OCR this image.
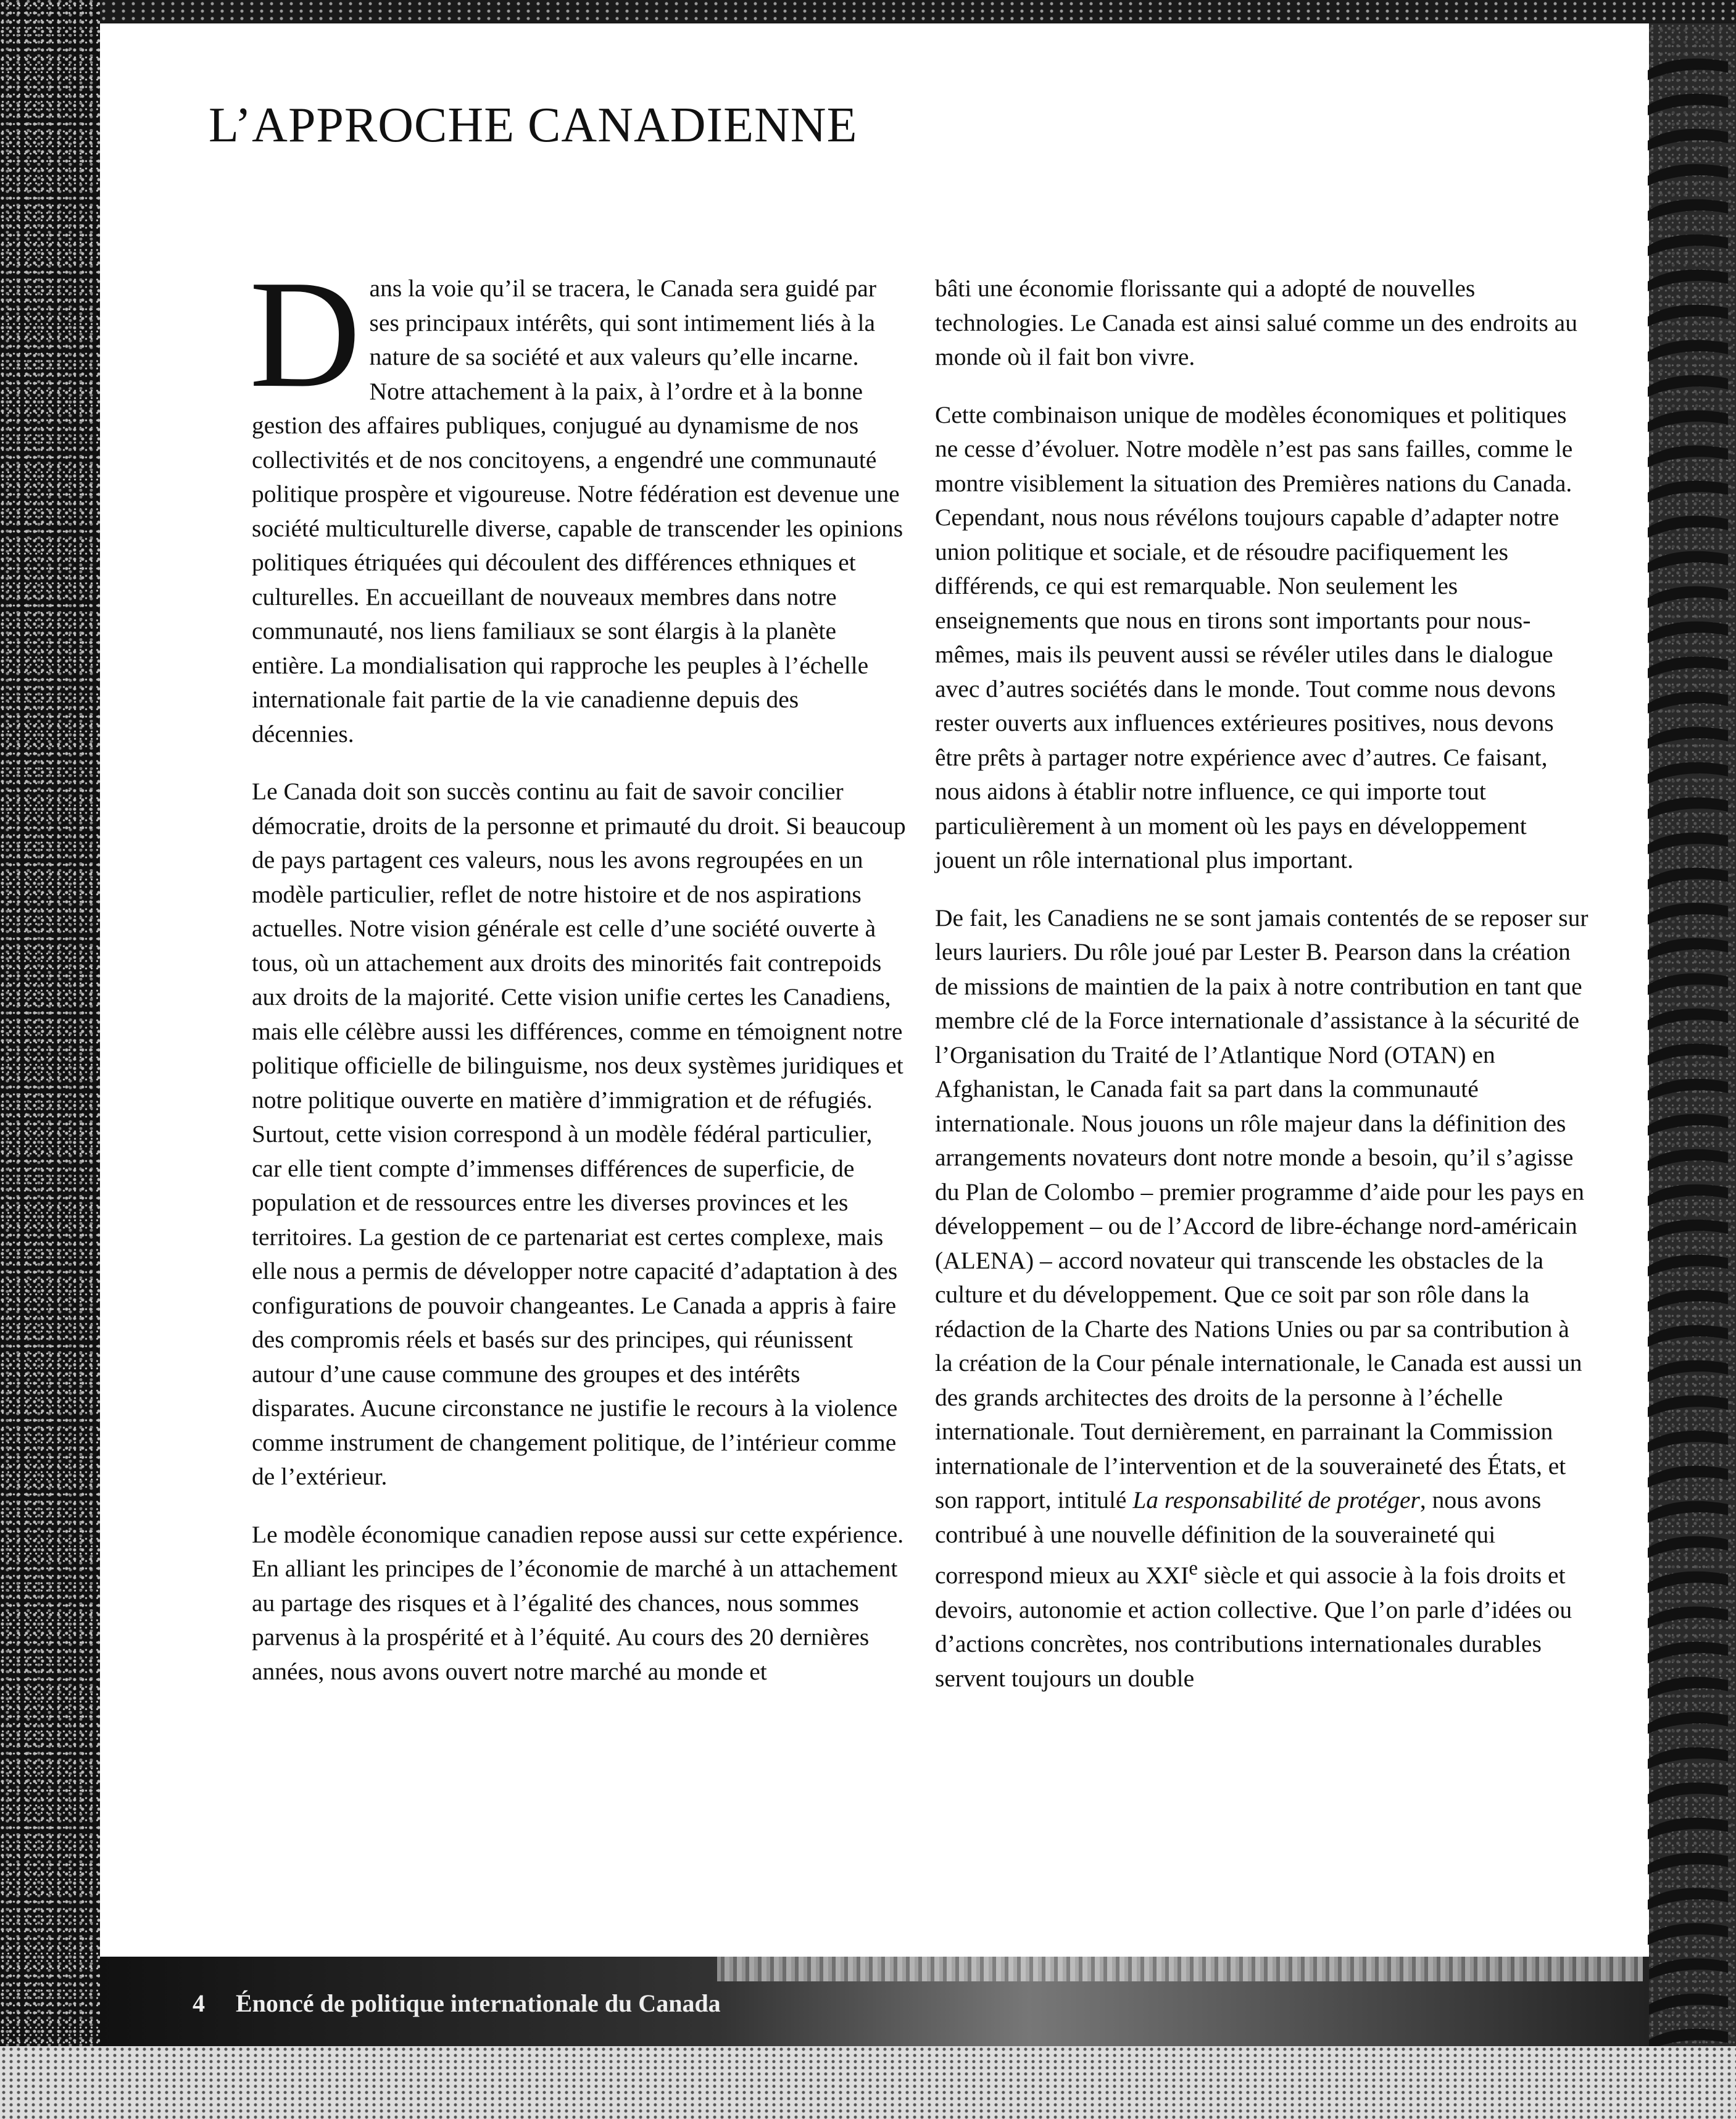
L’APPROCHE CANADIENNE

Dans la voie qu’il se tracera, le Canada sera guidé par ses principaux intérêts, qui sont intimement liés à la nature de sa société et aux valeurs qu’elle incarne. Notre attachement à la paix, à l’ordre et à la bonne gestion des affaires publiques, conjugué au dynamisme de nos collectivités et de nos concitoyens, a engendré une communauté politique prospère et vigoureuse. Notre fédération est devenue une société multiculturelle diverse, capable de transcender les opinions politiques étriquées qui découlent des différences ethniques et culturelles. En accueillant de nouveaux membres dans notre communauté, nos liens familiaux se sont élargis à la planète entière. La mondialisation qui rapproche les peuples à l’échelle internationale fait partie de la vie canadienne depuis des décennies.

Le Canada doit son succès continu au fait de savoir concilier démocratie, droits de la personne et primauté du droit. Si beaucoup de pays partagent ces valeurs, nous les avons regroupées en un modèle particulier, reflet de notre histoire et de nos aspirations actuelles. Notre vision générale est celle d’une société ouverte à tous, où un attachement aux droits des minorités fait contrepoids aux droits de la majorité. Cette vision unifie certes les Canadiens, mais elle célèbre aussi les différences, comme en témoignent notre politique officielle de bilinguisme, nos deux systèmes juridiques et notre politique ouverte en matière d’immigration et de réfugiés. Surtout, cette vision correspond à un modèle fédéral particulier, car elle tient compte d’immenses différences de superficie, de population et de ressources entre les diverses provinces et les territoires. La gestion de ce partenariat est certes complexe, mais elle nous a permis de développer notre capacité d’adaptation à des configurations de pouvoir changeantes. Le Canada a appris à faire des compromis réels et basés sur des principes, qui réunissent autour d’une cause commune des groupes et des intérêts disparates. Aucune circonstance ne justifie le recours à la violence comme instrument de changement politique, de l’intérieur comme de l’extérieur.

Le modèle économique canadien repose aussi sur cette expérience. En alliant les principes de l’économie de marché à un attachement au partage des risques et à l’égalité des chances, nous sommes parvenus à la prospérité et à l’équité. Au cours des 20 dernières années, nous avons ouvert notre marché au monde et

bâti une économie florissante qui a adopté de nouvelles technologies. Le Canada est ainsi salué comme un des endroits au monde où il fait bon vivre.

Cette combinaison unique de modèles économiques et politiques ne cesse d’évoluer. Notre modèle n’est pas sans failles, comme le montre visiblement la situation des Premières nations du Canada. Cependant, nous nous révélons toujours capable d’adapter notre union politique et sociale, et de résoudre pacifiquement les différends, ce qui est remarquable. Non seulement les enseignements que nous en tirons sont importants pour nous-mêmes, mais ils peuvent aussi se révéler utiles dans le dialogue avec d’autres sociétés dans le monde. Tout comme nous devons rester ouverts aux influences extérieures positives, nous devons être prêts à partager notre expérience avec d’autres. Ce faisant, nous aidons à établir notre influence, ce qui importe tout particulièrement à un moment où les pays en développement jouent un rôle international plus important.

De fait, les Canadiens ne se sont jamais contentés de se reposer sur leurs lauriers. Du rôle joué par Lester B. Pearson dans la création de missions de maintien de la paix à notre contribution en tant que membre clé de la Force internationale d’assistance à la sécurité de l’Organisation du Traité de l’Atlantique Nord (OTAN) en Afghanistan, le Canada fait sa part dans la communauté internationale. Nous jouons un rôle majeur dans la définition des arrangements novateurs dont notre monde a besoin, qu’il s’agisse du Plan de Colombo – premier programme d’aide pour les pays en développement – ou de l’Accord de libre-échange nord-américain (ALENA) – accord novateur qui transcende les obstacles de la culture et du développement. Que ce soit par son rôle dans la rédaction de la Charte des Nations Unies ou par sa contribution à la création de la Cour pénale internationale, le Canada est aussi un des grands architectes des droits de la personne à l’échelle internationale. Tout dernièrement, en parrainant la Commission internationale de l’intervention et de la souveraineté des États, et son rapport, intitulé La responsabilité de protéger, nous avons contribué à une nouvelle définition de la souveraineté qui correspond mieux au XXIe siècle et qui associe à la fois droits et devoirs, autonomie et action collective. Que l’on parle d’idées ou d’actions concrètes, nos contributions internationales durables servent toujours un double

4 Énoncé de politique internationale du Canada
